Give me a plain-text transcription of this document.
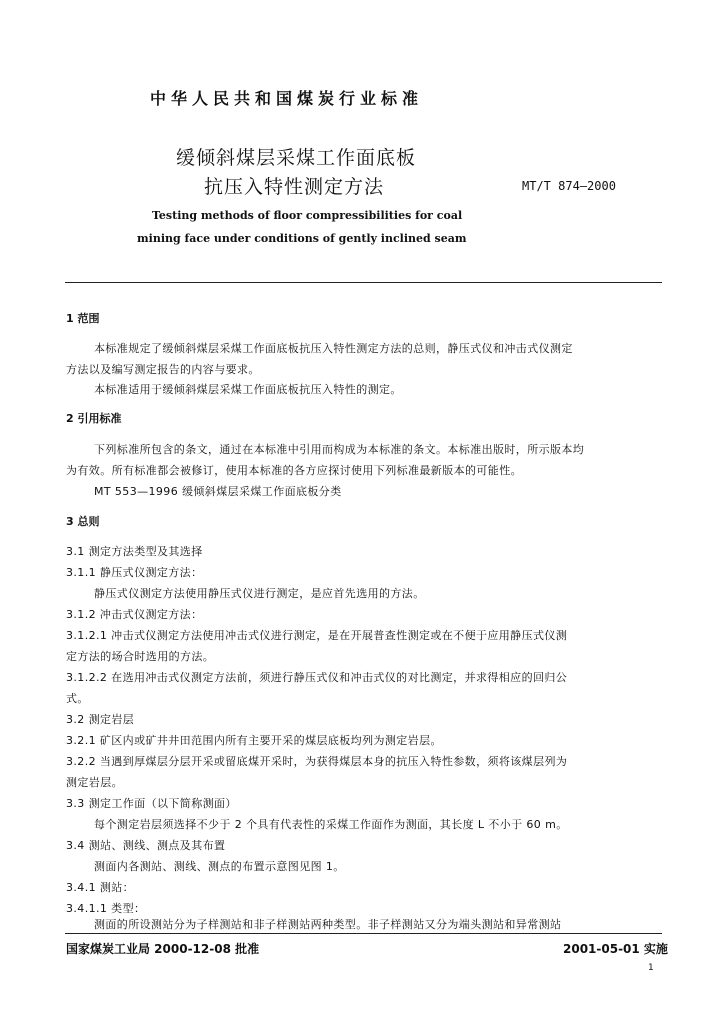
中华人民共和国煤炭行业标准
缓倾斜煤层采煤工作面底板
抗压入特性测定方法	MT/T 874—2000
Testing methods of floor compressibilities for coal
mining face under conditions of gently inclined seam
1 范围
本标准规定了缓倾斜煤层采煤工作面底板抗压入特性测定方法的总则，静压式仪和冲击式仪测定
方法以及编写测定报告的内容与要求。
本标准适用于缓倾斜煤层采煤工作面底板抗压入特性的测定。
2 引用标准
下列标准所包含的条文，通过在本标准中引用而构成为本标准的条文。本标准出版时，所示版本均
为有效。所有标准都会被修订，使用本标准的各方应探讨使用下列标准最新版本的可能性。
MT 553—1996 缓倾斜煤层采煤工作面底板分类
3 总则
3.1 测定方法类型及其选择
3.1.1 静压式仪测定方法：
静压式仪测定方法使用静压式仪进行测定，是应首先选用的方法。
3.1.2 冲击式仪测定方法：
3.1.2.1 冲击式仪测定方法使用冲击式仪进行测定，是在开展普查性测定或在不便于应用静压式仪测
定方法的场合时选用的方法。
3.1.2.2 在选用冲击式仪测定方法前，须进行静压式仪和冲击式仪的对比测定，并求得相应的回归公
式。
3.2 测定岩层
3.2.1 矿区内或矿井井田范围内所有主要开采的煤层底板均列为测定岩层。
3.2.2 当遇到厚煤层分层开采或留底煤开采时，为获得煤层本身的抗压入特性参数，须将该煤层列为
测定岩层。
3.3 测定工作面（以下简称测面）
每个测定岩层须选择不少于 2 个具有代表性的采煤工作面作为测面，其长度 L 不小于 60 m。
3.4 测站、测线、测点及其布置
测面内各测站、测线、测点的布置示意图见图 1。
3.4.1 测站：
3.4.1.1 类型：
测面的所设测站分为子样测站和非子样测站两种类型。非子样测站又分为端头测站和异常测站
国家煤炭工业局 2000-12-08 批准	2001-05-01 实施
1
